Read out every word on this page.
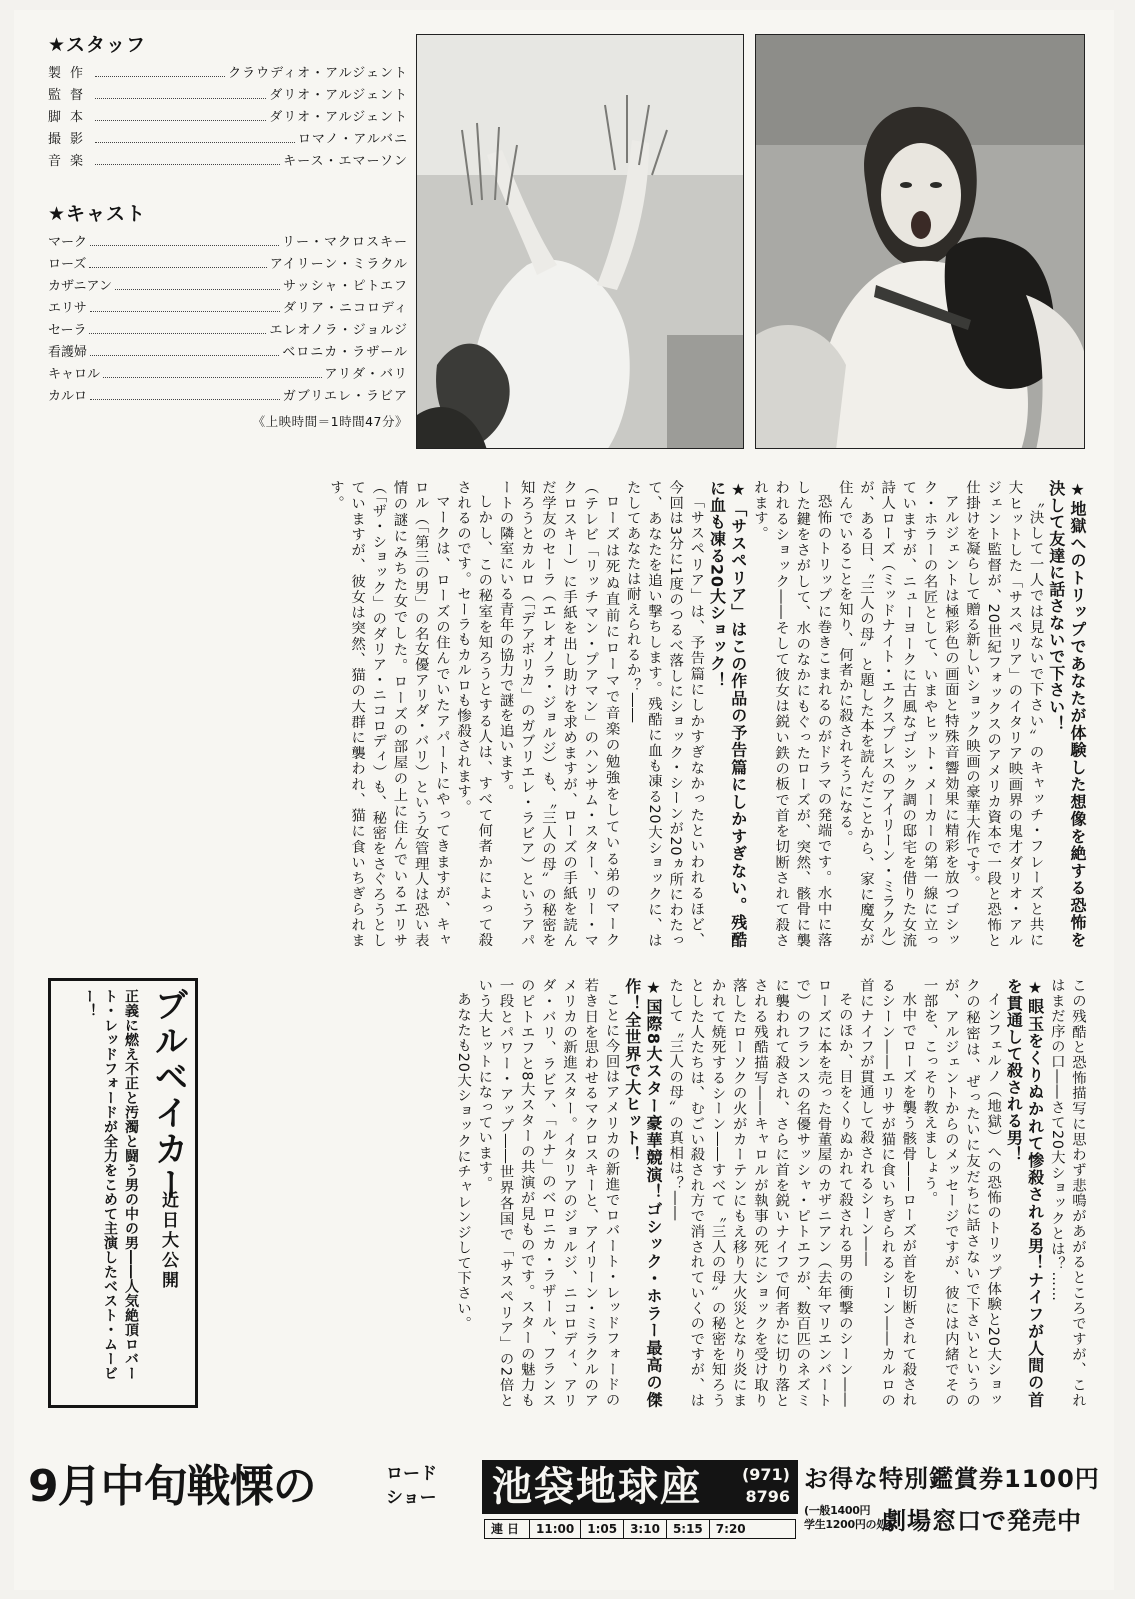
★スタッフ
製作	クラウディオ・アルジェント
監督	ダリオ・アルジェント
脚本	ダリオ・アルジェント
撮影	ロマノ・アルバニ
音楽	キース・エマーソン
★キャスト
マーク	リー・マクロスキー
ローズ	アイリーン・ミラクル
カザニアン	サッシャ・ピトエフ
エリサ	ダリア・ニコロディ
セーラ	エレオノラ・ジョルジ
看護婦	ベロニカ・ラザール
キャロル	アリダ・バリ
カルロ	ガブリエレ・ラビア
《上映時間＝1時間47分》

★地獄へのトリップであなたが体験した想像を絶する恐怖を決して友達に話さないで下さい！

〝決して一人では見ないで下さい〟のキャッチ・フレーズと共に大ヒットした「サスペリア」のイタリア映画界の鬼才ダリオ・アルジェント監督が、20世紀フォックスのアメリカ資本で一段と恐怖と仕掛けを凝らして贈る新しいショック映画の豪華大作です。

アルジェントは極彩色の画面と特殊音響効果に精彩を放つゴシック・ホラーの名匠として、いまやヒット・メーカーの第一線に立っていますが、ニューヨークに古風なゴシック調の邸宅を借りた女流詩人ローズ（ミッドナイト・エクスプレスのアイリーン・ミラクル）が、ある日、〝三人の母〟と題した本を読んだことから、家に魔女が住んでいることを知り、何者かに殺されそうになる。

恐怖のトリップに巻きこまれるのがドラマの発端です。水中に落した鍵をさがして、水のなかにもぐったローズが、突然、骸骨に襲われるショック――そして彼女は鋭い鉄の板で首を切断されて殺されます。

★「サスペリア」はこの作品の予告篇にしかすぎない。残酷に血も凍る20大ショック！

「サスペリア」は、予告篇にしかすぎなかったといわれるほど、今回は3分に1度のつるべ落しにショック・シーンが20ヵ所にわたって、あなたを追い撃ちします。残酷に血も凍る20大ショックに、はたしてあなたは耐えられるか？――

ローズは死ぬ直前にローマで音楽の勉強をしている弟のマーク（テレビ「リッチマン・プアマン」のハンサム・スター、リー・マクロスキー）に手紙を出し助けを求めますが、ローズの手紙を読んだ学友のセーラ（エレオノラ・ジョルジ）も、〝三人の母〟の秘密を知ろうとカルロ（「デアボリカ」のガブリエレ・ラビア）というアパートの隣室にいる青年の協力で謎を追います。

しかし、この秘室を知ろうとする人は、すべて何者かによって殺されるのです。セーラもカルロも惨殺されます。

マークは、ローズの住んでいたアパートにやってきますが、キャロル（「第三の男」の名女優アリダ・バリ）という女管理人は恐い表情の謎にみちた女でした。ローズの部屋の上に住んでいるエリサ（「ザ・ショック」のダリア・ニコロディ）も、秘密をさぐろうとしていますが、彼女は突然、猫の大群に襲われ、猫に食いちぎられます。

この残酷と恐怖描写に思わず悲鳴があがるところですが、これはまだ序の口――さて20大ショックとは？……

★眼玉をくりぬかれて惨殺される男！ナイフが人間の首を貫通して殺される男！

インフェルノ（地獄）への恐怖のトリップ体験と20大ショックの秘密は、ぜったいに友だちに話さないで下さいというのが、アルジェントからのメッセージですが、彼には内緒でその一部を、こっそり教えましょう。

水中でローズを襲う骸骨――ローズが首を切断されて殺されるシーン――エリサが猫に食いちぎられるシーン――カルロの首にナイフが貫通して殺されるシーン――

そのほか、目をくりぬかれて殺される男の衝撃のシーン――ローズに本を売った骨董屋のカザニアン（去年マリエンバートで）のフランスの名優サッシャ・ピトエフが、数百匹のネズミに襲われて殺され、さらに首を鋭いナイフで何者かに切り落とされる残酷描写――キャロルが執事の死にショックを受け取り落したローソクの火がカーテンにもえ移り大火災となり炎にまかれて焼死するシーン――すべて〝三人の母〟の秘密を知ろうとした人たちは、むごい殺され方で消されていくのですが、はたして〝三人の母〟の真相は？――

★国際8大スター豪華競演！ゴシック・ホラー最高の傑作！全世界で大ヒット！

ことに今回はアメリカの新進でロバート・レッドフォードの若き日を思わせるマクロスキーと、アイリーン・ミラクルのアメリカの新進スター。イタリアのジョルジ、ニコロディ、アリダ・バリ、ラビア、「ルナ」のベロニカ・ラザール、フランスのピトエフと8大スターの共演が見ものです。スターの魅力も一段とパワー・アップ――世界各国で「サスペリア」の2倍という大ヒットになっています。

あなたも20大ショックにチャレンジして下さい。

ブルベイカー
近日大公開
正義に燃え不正と汚濁と闘う男の中の男――人気絶頂ロバート・レッドフォードが全力をこめて主演したベスト・ムービー！
9月中旬戦慄の	ロード
ショー 池袋地球座 (971)
8796
連日	11:00	1:05	3:10	5:15	7:20
お得な特別鑑賞券1100円
(一般1400円
学生1200円の処)
劇場窓口で発売中
